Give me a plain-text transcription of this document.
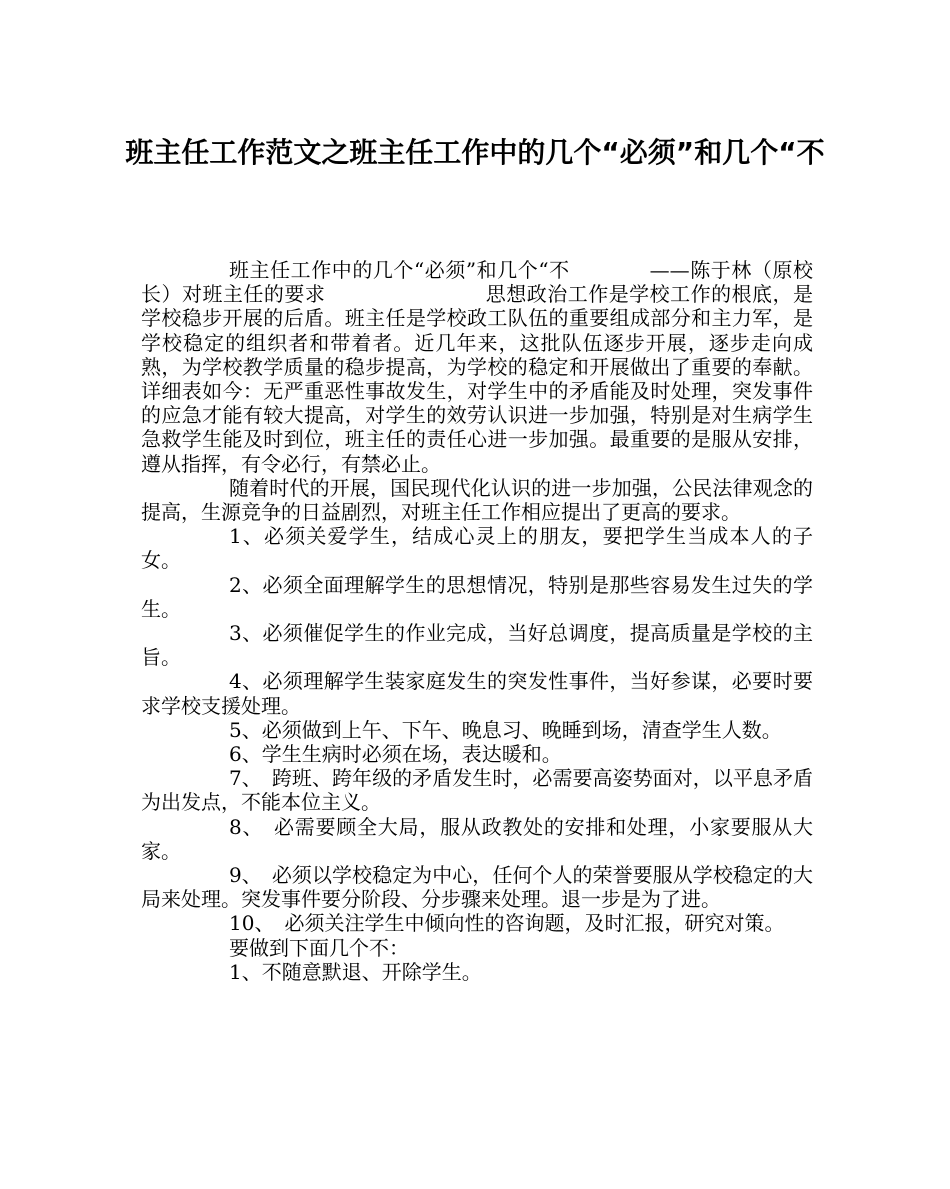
班主任工作范文之班主任工作中的几个“必须”和几个“不

班主任工作中的几个“必须”和几个“不	——陈于林（原校长）对班主任的要求	思想政治工作是学校工作的根底，是学校稳步开展的后盾。班主任是学校政工队伍的重要组成部分和主力军，是学校稳定的组织者和带着者。近几年来，这批队伍逐步开展，逐步走向成熟，为学校教学质量的稳步提高，为学校的稳定和开展做出了重要的奉献。详细表如今：无严重恶性事故发生，对学生中的矛盾能及时处理，突发事件的应急才能有较大提高，对学生的效劳认识进一步加强，特别是对生病学生急救学生能及时到位，班主任的责任心进一步加强。最重要的是服从安排，遵从指挥，有令必行，有禁必止。

随着时代的开展，国民现代化认识的进一步加强，公民法律观念的提高，生源竞争的日益剧烈，对班主任工作相应提出了更高的要求。

1、必须关爱学生，结成心灵上的朋友，要把学生当成本人的子女。

2、必须全面理解学生的思想情况，特别是那些容易发生过失的学生。

3、必须催促学生的作业完成，当好总调度，提高质量是学校的主旨。

4、必须理解学生装家庭发生的突发性事件，当好参谋，必要时要求学校支援处理。

5、必须做到上午、下午、晚息习、晚睡到场，清查学生人数。

6、学生生病时必须在场，表达暖和。

7、　跨班、跨年级的矛盾发生时，必需要高姿势面对，以平息矛盾为出发点，不能本位主义。

8、　必需要顾全大局，服从政教处的安排和处理，小家要服从大家。

9、　必须以学校稳定为中心，任何个人的荣誉要服从学校稳定的大局来处理。突发事件要分阶段、分步骤来处理。退一步是为了进。

10、　必须关注学生中倾向性的咨询题，及时汇报，研究对策。

要做到下面几个不：

1、不随意默退、开除学生。
